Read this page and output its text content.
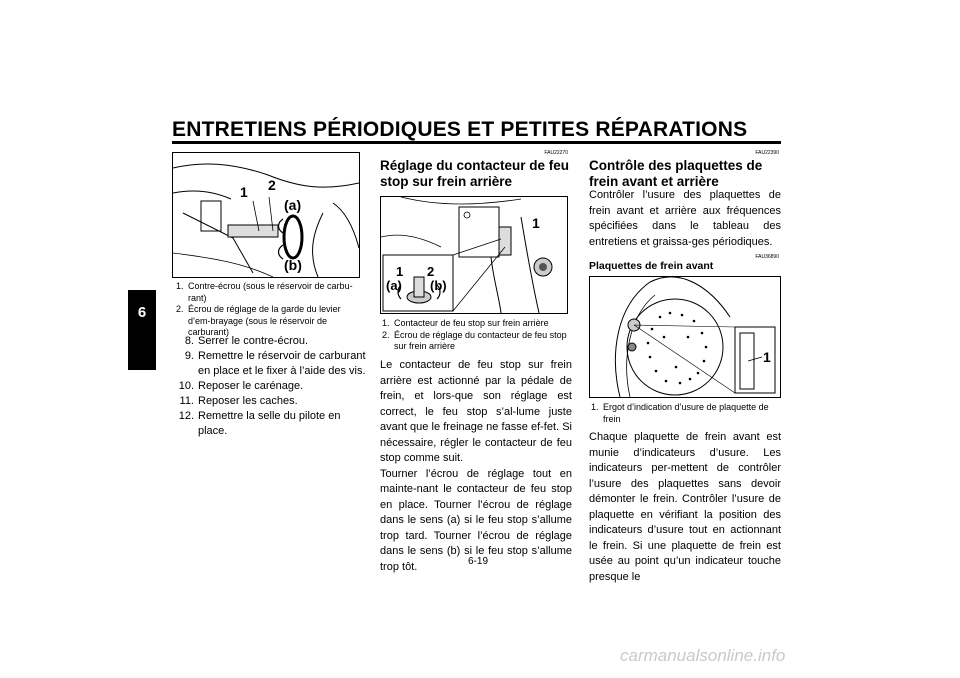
ENTRETIENS PÉRIODIQUES ET PETITES RÉPARATIONS
6
1 2
(a)
(b)
1. Contre-écrou (sous le réservoir de carbu-rant)
2. Écrou de réglage de la garde du levier d’em-brayage (sous le réservoir de carburant)
8. Serrer le contre-écrou.
9. Remettre le réservoir de carburant en place et le fixer à l’aide des vis.
10. Reposer le carénage.
11. Reposer les caches.
12. Remettre la selle du pilote en place.
FAU22270
Réglage du contacteur de feu stop sur frein arrière
1
1 2
(a) (b)
1. Contacteur de feu stop sur frein arrière
2. Écrou de réglage du contacteur de feu stop sur frein arrière
Le contacteur de feu stop sur frein arrière est actionné par la pédale de frein, et lors-que son réglage est correct, le feu stop s’al-lume juste avant que le freinage ne fasse ef-fet. Si nécessaire, régler le contacteur de feu stop comme suit.
Tourner l’écrou de réglage tout en mainte-nant le contacteur de feu stop en place. Tourner l’écrou de réglage dans le sens (a) si le feu stop s’allume trop tard. Tourner l’écrou de réglage dans le sens (b) si le feu stop s’allume trop tôt.
FAU22390
Contrôle des plaquettes de frein avant et arrière
Contrôler l’usure des plaquettes de frein avant et arrière aux fréquences spécifiées dans le tableau des entretiens et graissa-ges périodiques.
FAU36890
Plaquettes de frein avant
1
1. Ergot d’indication d’usure de plaquette de frein
Chaque plaquette de frein avant est munie d’indicateurs d’usure. Les indicateurs per-mettent de contrôler l’usure des plaquettes sans devoir démonter le frein. Contrôler l’usure de plaquette en vérifiant la position des indicateurs d’usure tout en actionnant le frein. Si une plaquette de frein est usée au point qu’un indicateur touche presque le
6-19
carmanualsonline.info
